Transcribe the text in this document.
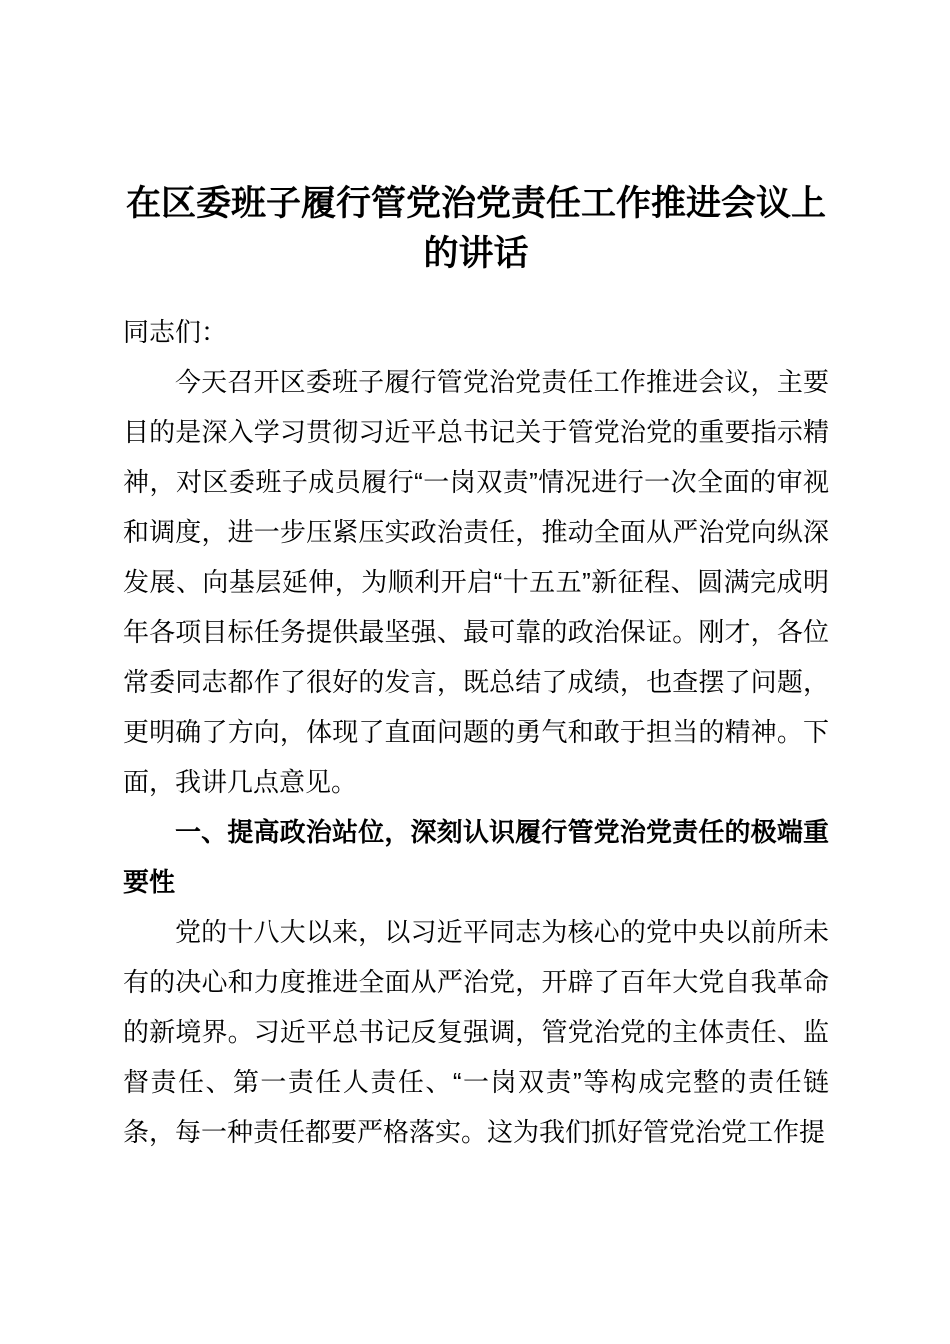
在区委班子履行管党治党责任工作推进会议上的讲话

同志们：

今天召开区委班子履行管党治党责任工作推进会议，主要目的是深入学习贯彻习近平总书记关于管党治党的重要指示精神，对区委班子成员履行“一岗双责”情况进行一次全面的审视和调度，进一步压紧压实政治责任，推动全面从严治党向纵深发展、向基层延伸，为顺利开启“十五五”新征程、圆满完成明年各项目标任务提供最坚强、最可靠的政治保证。刚才，各位常委同志都作了很好的发言，既总结了成绩，也查摆了问题，更明确了方向，体现了直面问题的勇气和敢于担当的精神。下面，我讲几点意见。

一、提高政治站位，深刻认识履行管党治党责任的极端重要性

党的十八大以来，以习近平同志为核心的党中央以前所未有的决心和力度推进全面从严治党，开辟了百年大党自我革命的新境界。习近平总书记反复强调，管党治党的主体责任、监督责任、第一责任人责任、“一岗双责”等构成完整的责任链条，每一种责任都要严格落实。这为我们抓好管党治党工作提
